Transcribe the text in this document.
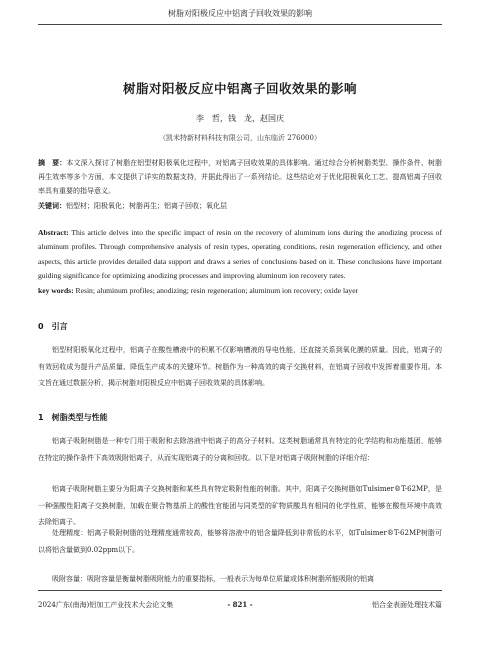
树脂对阳极反应中铝离子回收效果的影响
树脂对阳极反应中铝离子回收效果的影响
李　哲，钱　龙，赵国庆
（凯米特新材料科技有限公司，山东临沂 276000）
摘　要：本文深入探讨了树脂在铝型材阳极氧化过程中，对铝离子回收效果的具体影响。通过综合分析树脂类型、操作条件、树脂再生效率等多个方面，本文提供了详实的数据支持，并据此得出了一系列结论。这些结论对于优化阳极氧化工艺、提高铝离子回收率具有重要的指导意义。
关键词：铝型材；阳极氧化；树脂再生；铝离子回收；氧化层
Abstract: This article delves into the specific impact of resin on the recovery of aluminum ions during the anodizing process of aluminum profiles. Through comprehensive analysis of resin types, operating conditions, resin regeneration efficiency, and other aspects, this article provides detailed data support and draws a series of conclusions based on it. These conclusions have important guiding significance for optimizing anodizing processes and improving aluminum ion recovery rates.
key words: Resin; aluminum profiles; anodizing; resin regeneration; aluminum ion recovery; oxide layer
0　引言
铝型材阳极氧化过程中，铝离子在酸性槽液中的积累不仅影响槽液的导电性能，还直接关系到氧化膜的质量。因此，铝离子的有效回收成为提升产品质量、降低生产成本的关键环节。树脂作为一种高效的离子交换材料，在铝离子回收中发挥着重要作用。本文旨在通过数据分析，揭示树脂对阳极反应中铝离子回收效果的具体影响。
1　树脂类型与性能
铝离子吸附树脂是一种专门用于吸附和去除溶液中铝离子的高分子材料。这类树脂通常具有特定的化学结构和功能基团，能够在特定的操作条件下高效吸附铝离子，从而实现铝离子的分离和回收。以下是对铝离子吸附树脂的详细介绍：
铝离子吸附树脂主要分为阳离子交换树脂和某些具有特定吸附性能的树脂。其中，阳离子交换树脂如Tulsimer®T-62MP，是一种强酸性阳离子交换树脂，加载在聚合物基质上的酸性官能团与同类型的矿物质酸具有相同的化学性质，能够在酸性环境中高效去除铝离子。
处理精度：铝离子吸附树脂的处理精度通常较高，能够将溶液中的铝含量降低到非常低的水平，如Tulsimer®T-62MP树脂可以将铝含量做到0.02ppm以下。
吸附容量：吸附容量是衡量树脂吸附能力的重要指标，一般表示为每单位质量或体积树脂所能吸附的铝离
2024广东(南海)铝加工产业技术大会论文集	- 821 -	铝合金表面处理技术篇
